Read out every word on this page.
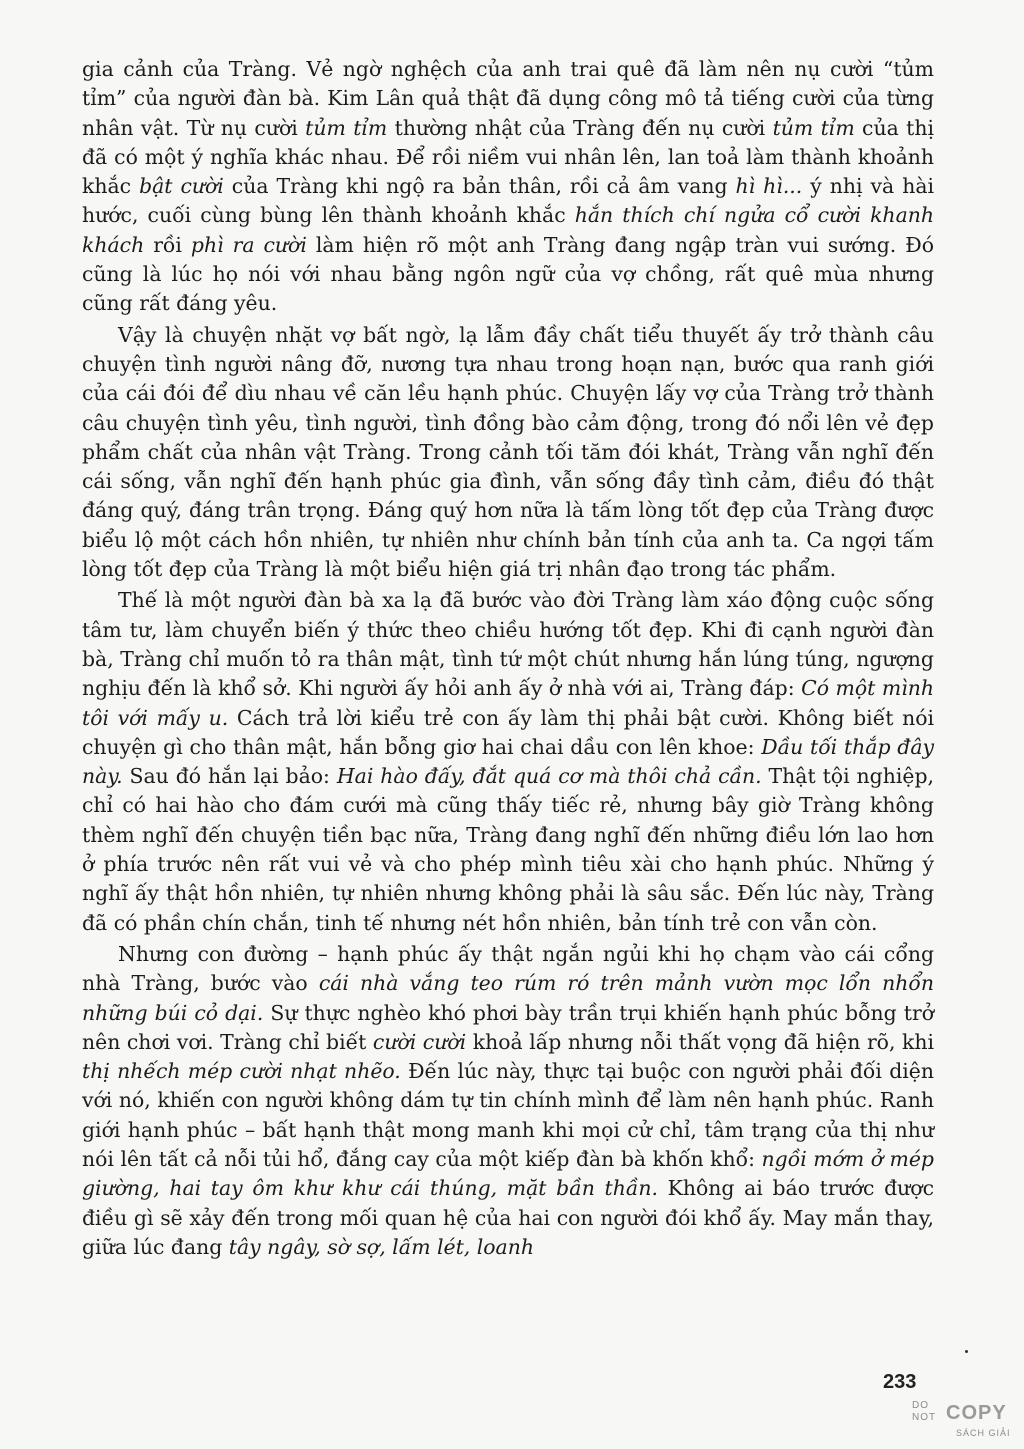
gia cảnh của Tràng. Vẻ ngờ nghệch của anh trai quê đã làm nên nụ cười “tủm tỉm” của người đàn bà. Kim Lân quả thật đã dụng công mô tả tiếng cười của từng nhân vật. Từ nụ cười tủm tỉm thường nhật của Tràng đến nụ cười tủm tỉm của thị đã có một ý nghĩa khác nhau. Để rồi niềm vui nhân lên, lan toả làm thành khoảnh khắc bật cười của Tràng khi ngộ ra bản thân, rồi cả âm vang hì hì... ý nhị và hài hước, cuối cùng bùng lên thành khoảnh khắc hắn thích chí ngửa cổ cười khanh khách rồi phì ra cười làm hiện rõ một anh Tràng đang ngập tràn vui sướng. Đó cũng là lúc họ nói với nhau bằng ngôn ngữ của vợ chồng, rất quê mùa nhưng cũng rất đáng yêu.

Vậy là chuyện nhặt vợ bất ngờ, lạ lẫm đầy chất tiểu thuyết ấy trở thành câu chuyện tình người nâng đỡ, nương tựa nhau trong hoạn nạn, bước qua ranh giới của cái đói để dìu nhau về căn lều hạnh phúc. Chuyện lấy vợ của Tràng trở thành câu chuyện tình yêu, tình người, tình đồng bào cảm động, trong đó nổi lên vẻ đẹp phẩm chất của nhân vật Tràng. Trong cảnh tối tăm đói khát, Tràng vẫn nghĩ đến cái sống, vẫn nghĩ đến hạnh phúc gia đình, vẫn sống đầy tình cảm, điều đó thật đáng quý, đáng trân trọng. Đáng quý hơn nữa là tấm lòng tốt đẹp của Tràng được biểu lộ một cách hồn nhiên, tự nhiên như chính bản tính của anh ta. Ca ngợi tấm lòng tốt đẹp của Tràng là một biểu hiện giá trị nhân đạo trong tác phẩm.

Thế là một người đàn bà xa lạ đã bước vào đời Tràng làm xáo động cuộc sống tâm tư, làm chuyển biến ý thức theo chiều hướng tốt đẹp. Khi đi cạnh người đàn bà, Tràng chỉ muốn tỏ ra thân mật, tình tứ một chút nhưng hắn lúng túng, ngượng nghịu đến là khổ sở. Khi người ấy hỏi anh ấy ở nhà với ai, Tràng đáp: Có một mình tôi với mấy u. Cách trả lời kiểu trẻ con ấy làm thị phải bật cười. Không biết nói chuyện gì cho thân mật, hắn bỗng giơ hai chai dầu con lên khoe: Dầu tối thắp đây này. Sau đó hắn lại bảo: Hai hào đấy, đắt quá cơ mà thôi chả cần. Thật tội nghiệp, chỉ có hai hào cho đám cưới mà cũng thấy tiếc rẻ, nhưng bây giờ Tràng không thèm nghĩ đến chuyện tiền bạc nữa, Tràng đang nghĩ đến những điều lớn lao hơn ở phía trước nên rất vui vẻ và cho phép mình tiêu xài cho hạnh phúc. Những ý nghĩ ấy thật hồn nhiên, tự nhiên nhưng không phải là sâu sắc. Đến lúc này, Tràng đã có phần chín chắn, tinh tế nhưng nét hồn nhiên, bản tính trẻ con vẫn còn.

Nhưng con đường – hạnh phúc ấy thật ngắn ngủi khi họ chạm vào cái cổng nhà Tràng, bước vào cái nhà vắng teo rúm ró trên mảnh vườn mọc lổn nhổn những búi cỏ dại. Sự thực nghèo khó phơi bày trần trụi khiến hạnh phúc bỗng trở nên chơi vơi. Tràng chỉ biết cười cười khoả lấp nhưng nỗi thất vọng đã hiện rõ, khi thị nhếch mép cười nhạt nhẽo. Đến lúc này, thực tại buộc con người phải đối diện với nó, khiến con người không dám tự tin chính mình để làm nên hạnh phúc. Ranh giới hạnh phúc – bất hạnh thật mong manh khi mọi cử chỉ, tâm trạng của thị như nói lên tất cả nỗi tủi hổ, đắng cay của một kiếp đàn bà khốn khổ: ngồi mớm ở mép giường, hai tay ôm khư khư cái thúng, mặt bần thần. Không ai báo trước được điều gì sẽ xảy đến trong mối quan hệ của hai con người đói khổ ấy. May mắn thay, giữa lúc đang tây ngây, sờ sợ, lấm lét, loanh

233
DO
NOT COPY
SÁCH GIẢI
